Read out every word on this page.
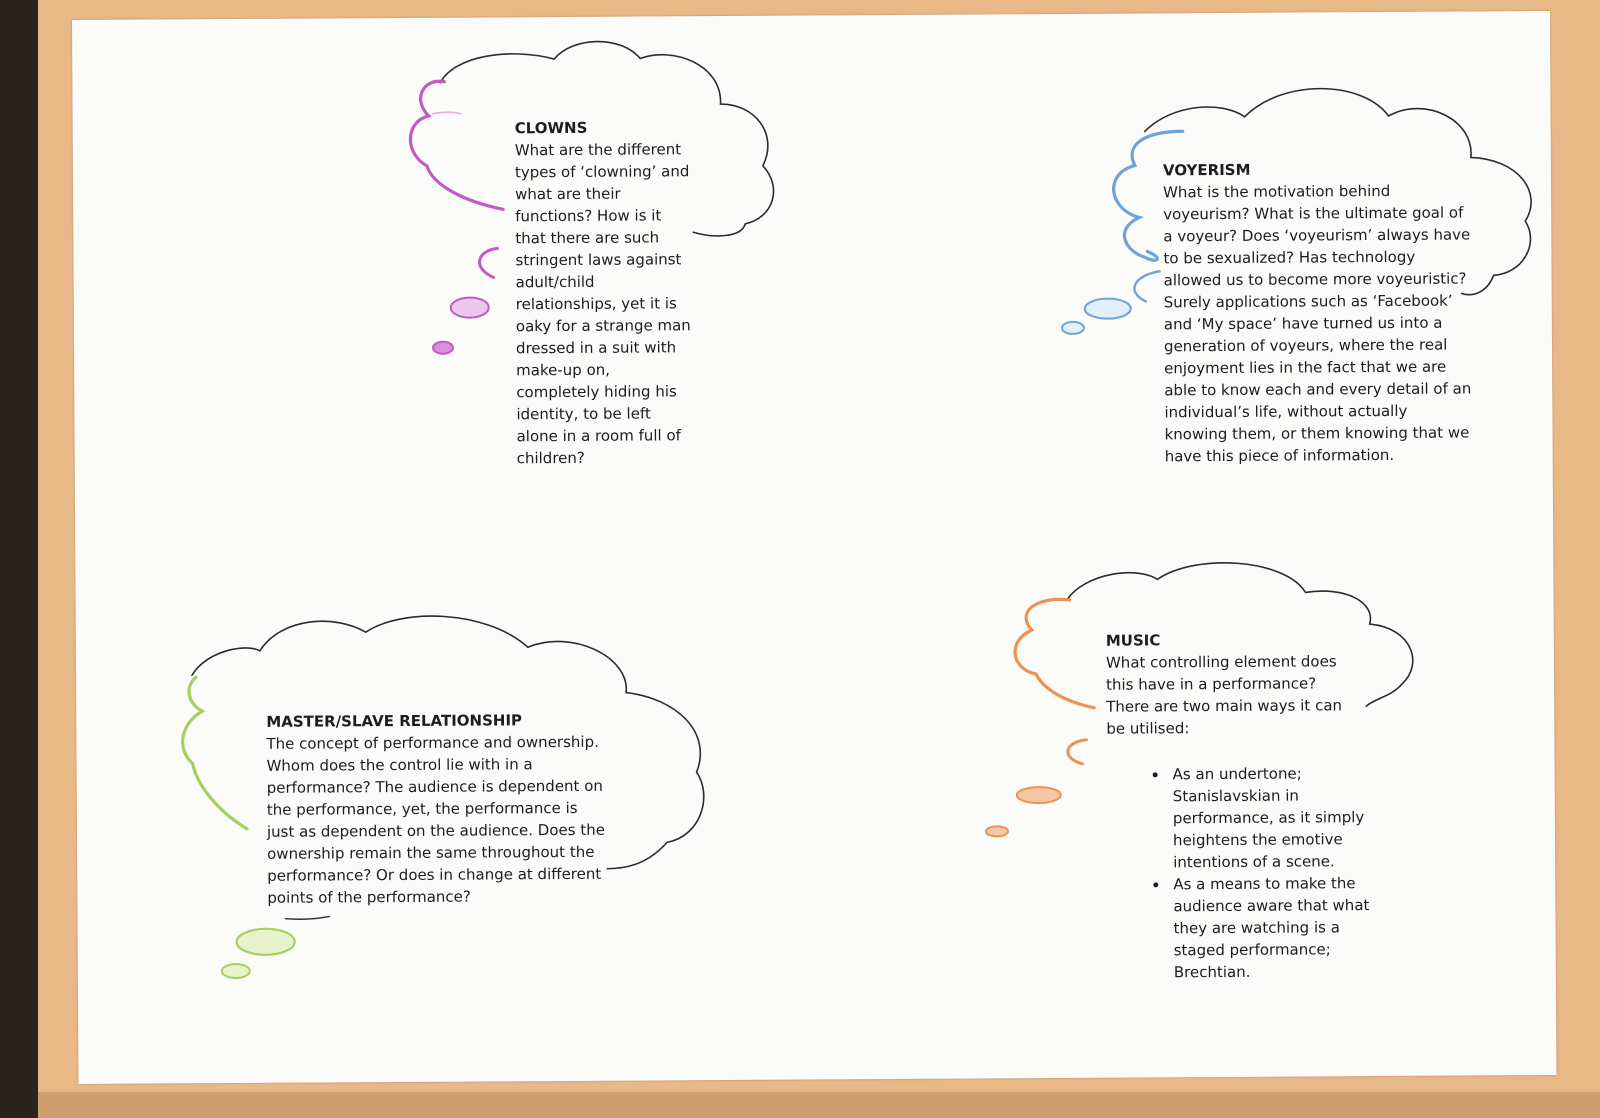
CLOWNS

What are the different types of ‘clowning’ and what are their functions? How is it that there are such stringent laws against adult/child relationships, yet it is oaky for a strange man dressed in a suit with make-up on, completely hiding his identity, to be left alone in a room full of children?

VOYERISM

What is the motivation behind voyeurism? What is the ultimate goal of a voyeur? Does ‘voyeurism’ always have to be sexualized? Has technology allowed us to become more voyeuristic? Surely applications such as ‘Facebook’ and ‘My space’ have turned us into a generation of voyeurs, where the real enjoyment lies in the fact that we are able to know each and every detail of an individual’s life, without actually knowing them, or them knowing that we have this piece of information.

MASTER/SLAVE RELATIONSHIP

The concept of performance and ownership. Whom does the control lie with in a performance? The audience is dependent on the performance, yet, the performance is just as dependent on the audience. Does the ownership remain the same throughout the performance? Or does in change at different points of the performance?

MUSIC

What controlling element does this have in a performance? There are two main ways it can be utilised:

• As an undertone; Stanislavskian in performance, as it simply heightens the emotive intentions of a scene.
• As a means to make the audience aware that what they are watching is a staged performance; Brechtian.
